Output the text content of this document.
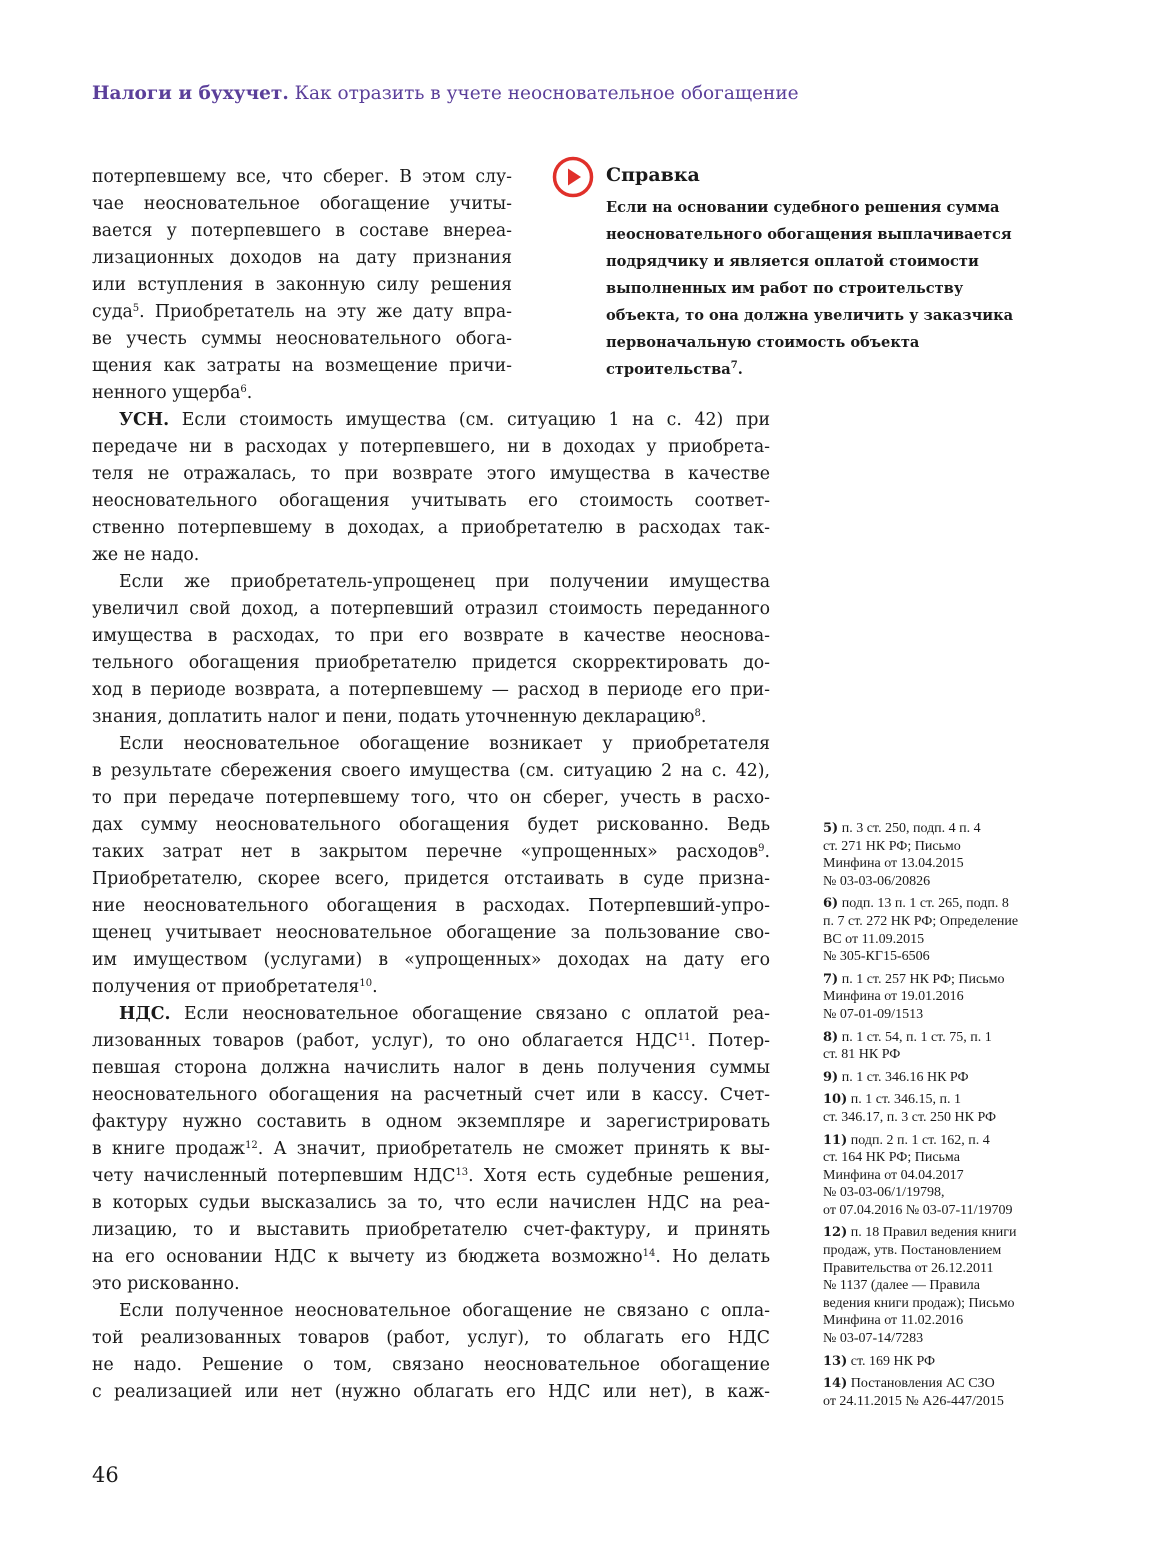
Налоги и бухучет. Как отразить в учете неосновательное обогащение
потерпевшему все, что сберег. В этом слу-
чае неосновательное обогащение учиты-
вается у потерпевшего в составе внереа-
лизационных доходов на дату признания
или вступления в законную силу решения
суда$^5$. Приобретатель на эту же дату впра-
ве учесть суммы неосновательного обога-
щения как затраты на возмещение причи-
ненного ущерба$^6$.
УСН. Если стоимость имущества (см. ситуацию 1 на с. 42) при
передаче ни в расходах у потерпевшего, ни в доходах у приобрета-
теля не отражалась, то при возврате этого имущества в качестве
неосновательного обогащения учитывать его стоимость соответ-
ственно потерпевшему в доходах, а приобретателю в расходах так-
же не надо.
Если же приобретатель-упрощенец при получении имущества
увеличил свой доход, а потерпевший отразил стоимость переданного
имущества в расходах, то при его возврате в качестве неоснова-
тельного обогащения приобретателю придется скорректировать до-
ход в периоде возврата, а потерпевшему — расход в периоде его при-
знания, доплатить налог и пени, подать уточненную декларацию$^8$.
Если неосновательное обогащение возникает у приобретателя
в результате сбережения своего имущества (см. ситуацию 2 на с. 42),
то при передаче потерпевшему того, что он сберег, учесть в расхо-
дах сумму неосновательного обогащения будет рискованно. Ведь
таких затрат нет в закрытом перечне «упрощенных» расходов$^9$.
Приобретателю, скорее всего, придется отстаивать в суде призна-
ние неосновательного обогащения в расходах. Потерпевший-упро-
щенец учитывает неосновательное обогащение за пользование сво-
им имуществом (услугами) в «упрощенных» доходах на дату его
получения от приобретателя$^{10}$.
НДС. Если неосновательное обогащение связано с оплатой реа-
лизованных товаров (работ, услуг), то оно облагается НДС$^{11}$. Потер-
певшая сторона должна начислить налог в день получения суммы
неосновательного обогащения на расчетный счет или в кассу. Счет-
фактуру нужно составить в одном экземпляре и зарегистрировать
в книге продаж$^{12}$. А значит, приобретатель не сможет принять к вы-
чету начисленный потерпевшим НДС$^{13}$. Хотя есть судебные решения,
в которых судьи высказались за то, что если начислен НДС на реа-
лизацию, то и выставить приобретателю счет-фактуру, и принять
на его основании НДС к вычету из бюджета возможно$^{14}$. Но делать
это рискованно.
Если полученное неосновательное обогащение не связано с опла-
той реализованных товаров (работ, услуг), то облагать его НДС
не надо. Решение о том, связано неосновательное обогащение
с реализацией или нет (нужно облагать его НДС или нет), в каж-
Справка
Если на основании судебного решения сумма
неосновательного обогащения выплачивается
подрядчику и является оплатой стоимости
выполненных им работ по строительству
объекта, то она должна увеличить у заказчика
первоначальную стоимость объекта
строительства$^7$.
5) п. 3 ст. 250, подп. 4 п. 4
ст. 271 НК РФ; Письмо
Минфина от 13.04.2015
№ 03-03-06/20826
6) подп. 13 п. 1 ст. 265, подп. 8
п. 7 ст. 272 НК РФ; Определение
ВС от 11.09.2015
№ 305-КГ15-6506
7) п. 1 ст. 257 НК РФ; Письмо
Минфина от 19.01.2016
№ 07-01-09/1513
8) п. 1 ст. 54, п. 1 ст. 75, п. 1
ст. 81 НК РФ
9) п. 1 ст. 346.16 НК РФ
10) п. 1 ст. 346.15, п. 1
ст. 346.17, п. 3 ст. 250 НК РФ
11) подп. 2 п. 1 ст. 162, п. 4
ст. 164 НК РФ; Письма
Минфина от 04.04.2017
№ 03-03-06/1/19798,
от 07.04.2016 № 03-07-11/19709
12) п. 18 Правил ведения книги
продаж, утв. Постановлением
Правительства от 26.12.2011
№ 1137 (далее — Правила
ведения книги продаж); Письмо
Минфина от 11.02.2016
№ 03-07-14/7283
13) ст. 169 НК РФ
14) Постановления АС СЗО
от 24.11.2015 № А26-447/2015
46
